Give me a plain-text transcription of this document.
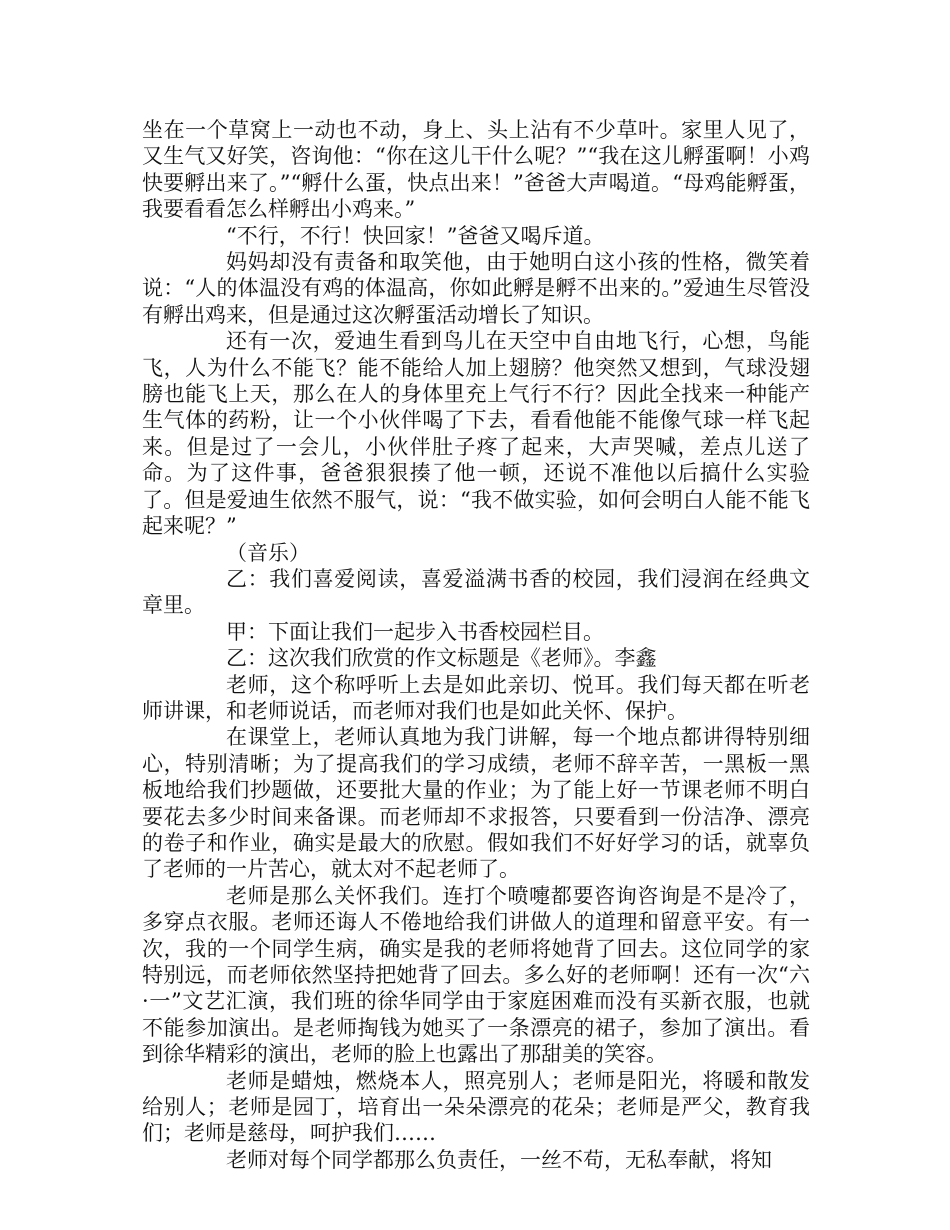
坐在一个草窝上一动也不动，身上、头上沾有不少草叶。家里人见了，又生气又好笑，咨询他：“你在这儿干什么呢？”“我在这儿孵蛋啊！小鸡快要孵出来了。”“孵什么蛋，快点出来！”爸爸大声喝道。“母鸡能孵蛋，我要看看怎么样孵出小鸡来。”

“不行，不行！快回家！”爸爸又喝斥道。

妈妈却没有责备和取笑他，由于她明白这小孩的性格，微笑着说：“人的体温没有鸡的体温高，你如此孵是孵不出来的。”爱迪生尽管没有孵出鸡来，但是通过这次孵蛋活动增长了知识。

还有一次，爱迪生看到鸟儿在天空中自由地飞行，心想，鸟能飞，人为什么不能飞？能不能给人加上翅膀？他突然又想到，气球没翅膀也能飞上天，那么在人的身体里充上气行不行？因此全找来一种能产生气体的药粉，让一个小伙伴喝了下去，看看他能不能像气球一样飞起来。但是过了一会儿，小伙伴肚子疼了起来，大声哭喊，差点儿送了命。为了这件事，爸爸狠狠揍了他一顿，还说不准他以后搞什么实验了。但是爱迪生依然不服气，说：“我不做实验，如何会明白人能不能飞起来呢？”

（音乐）

乙：我们喜爱阅读，喜爱溢满书香的校园，我们浸润在经典文章里。

甲：下面让我们一起步入书香校园栏目。

乙：这次我们欣赏的作文标题是《老师》。李鑫

老师，这个称呼听上去是如此亲切、悦耳。我们每天都在听老师讲课，和老师说话，而老师对我们也是如此关怀、保护。

在课堂上，老师认真地为我门讲解，每一个地点都讲得特别细心，特别清晰；为了提高我们的学习成绩，老师不辞辛苦，一黑板一黑板地给我们抄题做，还要批大量的作业；为了能上好一节课老师不明白要花去多少时间来备课。而老师却不求报答，只要看到一份洁净、漂亮的卷子和作业，确实是最大的欣慰。假如我们不好好学习的话，就辜负了老师的一片苦心，就太对不起老师了。

老师是那么关怀我们。连打个喷嚏都要咨询咨询是不是冷了，多穿点衣服。老师还诲人不倦地给我们讲做人的道理和留意平安。有一次，我的一个同学生病，确实是我的老师将她背了回去。这位同学的家特别远，而老师依然坚持把她背了回去。多么好的老师啊！还有一次“六·一”文艺汇演，我们班的徐华同学由于家庭困难而没有买新衣服，也就不能参加演出。是老师掏钱为她买了一条漂亮的裙子，参加了演出。看到徐华精彩的演出，老师的脸上也露出了那甜美的笑容。

老师是蜡烛，燃烧本人，照亮别人；老师是阳光，将暖和散发给别人；老师是园丁，培育出一朵朵漂亮的花朵；老师是严父，教育我们；老师是慈母，呵护我们……

老师对每个同学都那么负责任，一丝不苟，无私奉献，将知
